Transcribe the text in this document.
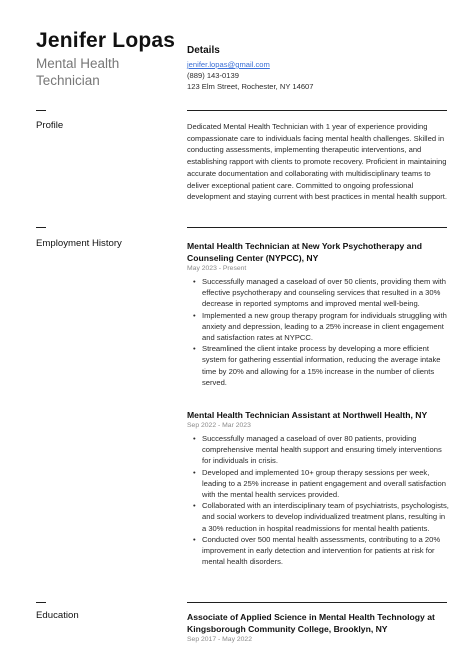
Jenifer Lopas
Mental Health Technician
Details
jenifer.lopas@gmail.com
(889) 143-0139
123 Elm Street, Rochester, NY 14607
Profile	Dedicated Mental Health Technician with 1 year of experience providing compassionate care to individuals facing mental health challenges. Skilled in conducting assessments, implementing therapeutic interventions, and establishing rapport with clients to promote recovery. Proficient in maintaining accurate documentation and collaborating with multidisciplinary teams to deliver exceptional patient care. Committed to ongoing professional development and staying current with best practices in mental health support.
Employment History	Mental Health Technician at New York Psychotherapy and Counseling Center (NYPCC), NY
May 2023 - Present
• Successfully managed a caseload of over 50 clients, providing them with effective psychotherapy and counseling services that resulted in a 30% decrease in reported symptoms and improved mental well-being.
• Implemented a new group therapy program for individuals struggling with anxiety and depression, leading to a 25% increase in client engagement and satisfaction rates at NYPCC.
• Streamlined the client intake process by developing a more efficient system for gathering essential information, reducing the average intake time by 20% and allowing for a 15% increase in the number of clients served.
Mental Health Technician Assistant at Northwell Health, NY
Sep 2022 - Mar 2023
• Successfully managed a caseload of over 80 patients, providing comprehensive mental health support and ensuring timely interventions for individuals in crisis.
• Developed and implemented 10+ group therapy sessions per week, leading to a 25% increase in patient engagement and overall satisfaction with the mental health services provided.
• Collaborated with an interdisciplinary team of psychiatrists, psychologists, and social workers to develop individualized treatment plans, resulting in a 30% reduction in hospital readmissions for mental health patients.
• Conducted over 500 mental health assessments, contributing to a 20% improvement in early detection and intervention for patients at risk for mental health disorders.
Education	Associate of Applied Science in Mental Health Technology at Kingsborough Community College, Brooklyn, NY
Sep 2017 - May 2022
